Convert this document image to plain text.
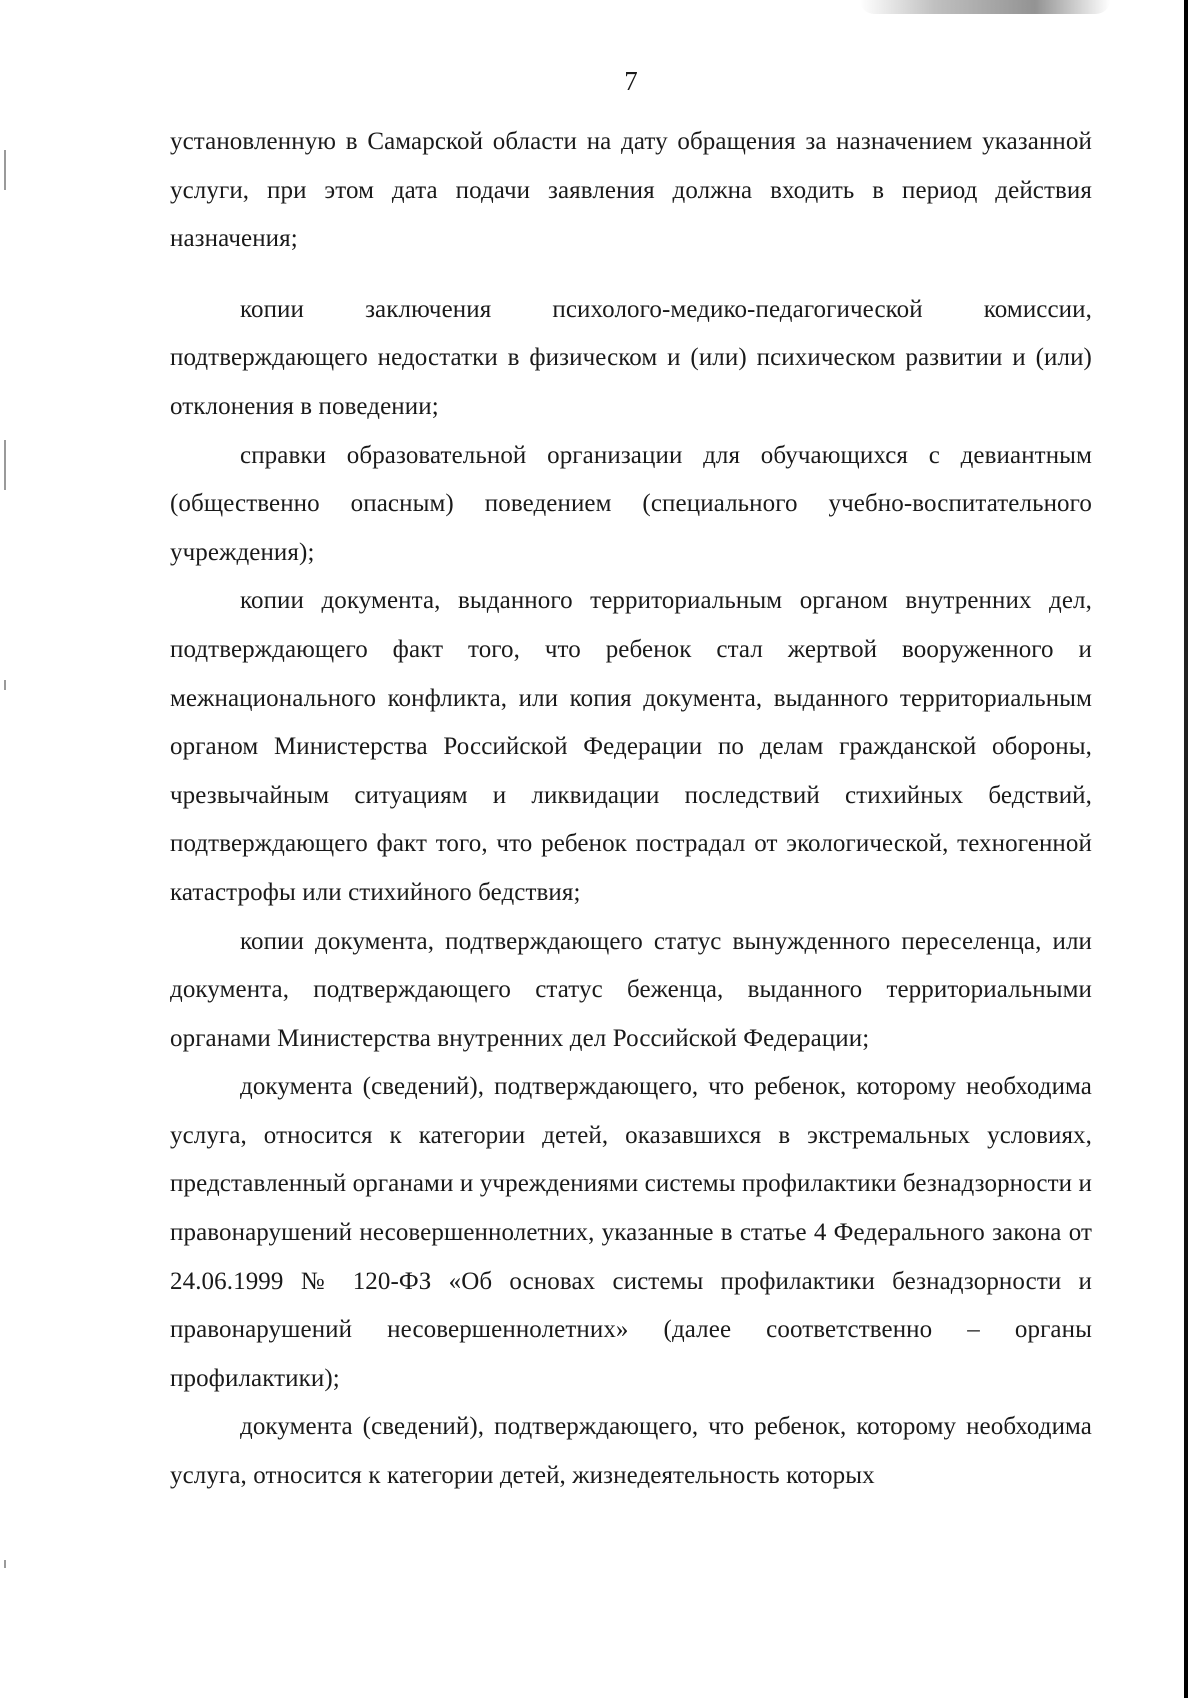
7

установленную в Самарской области на дату обращения за назначением указанной услуги, при этом дата подачи заявления должна входить в период действия назначения;

копии заключения психолого-медико-педагогической комиссии, подтверждающего недостатки в физическом и (или) психическом развитии и (или) отклонения в поведении;

справки образовательной организации для обучающихся с девиантным (общественно опасным) поведением (специального учебно-воспитательного учреждения);

копии документа, выданного территориальным органом внутренних дел, подтверждающего факт того, что ребенок стал жертвой вооруженного и межнационального конфликта, или копия документа, выданного территориальным органом Министерства Российской Федерации по делам гражданской обороны, чрезвычайным ситуациям и ликвидации последствий стихийных бедствий, подтверждающего факт того, что ребенок пострадал от экологической, техногенной катастрофы или стихийного бедствия;

копии документа, подтверждающего статус вынужденного переселенца, или документа, подтверждающего статус беженца, выданного территориальными органами Министерства внутренних дел Российской Федерации;

документа (сведений), подтверждающего, что ребенок, которому необходима услуга, относится к категории детей, оказавшихся в экстремальных условиях, представленный органами и учреждениями системы профилактики безнадзорности и правонарушений несовершеннолетних, указанные в статье 4 Федерального закона от 24.06.1999 № 120-ФЗ «Об основах системы профилактики безнадзорности и правонарушений несовершеннолетних» (далее соответственно – органы профилактики);

документа (сведений), подтверждающего, что ребенок, которому необходима услуга, относится к категории детей, жизнедеятельность которых
